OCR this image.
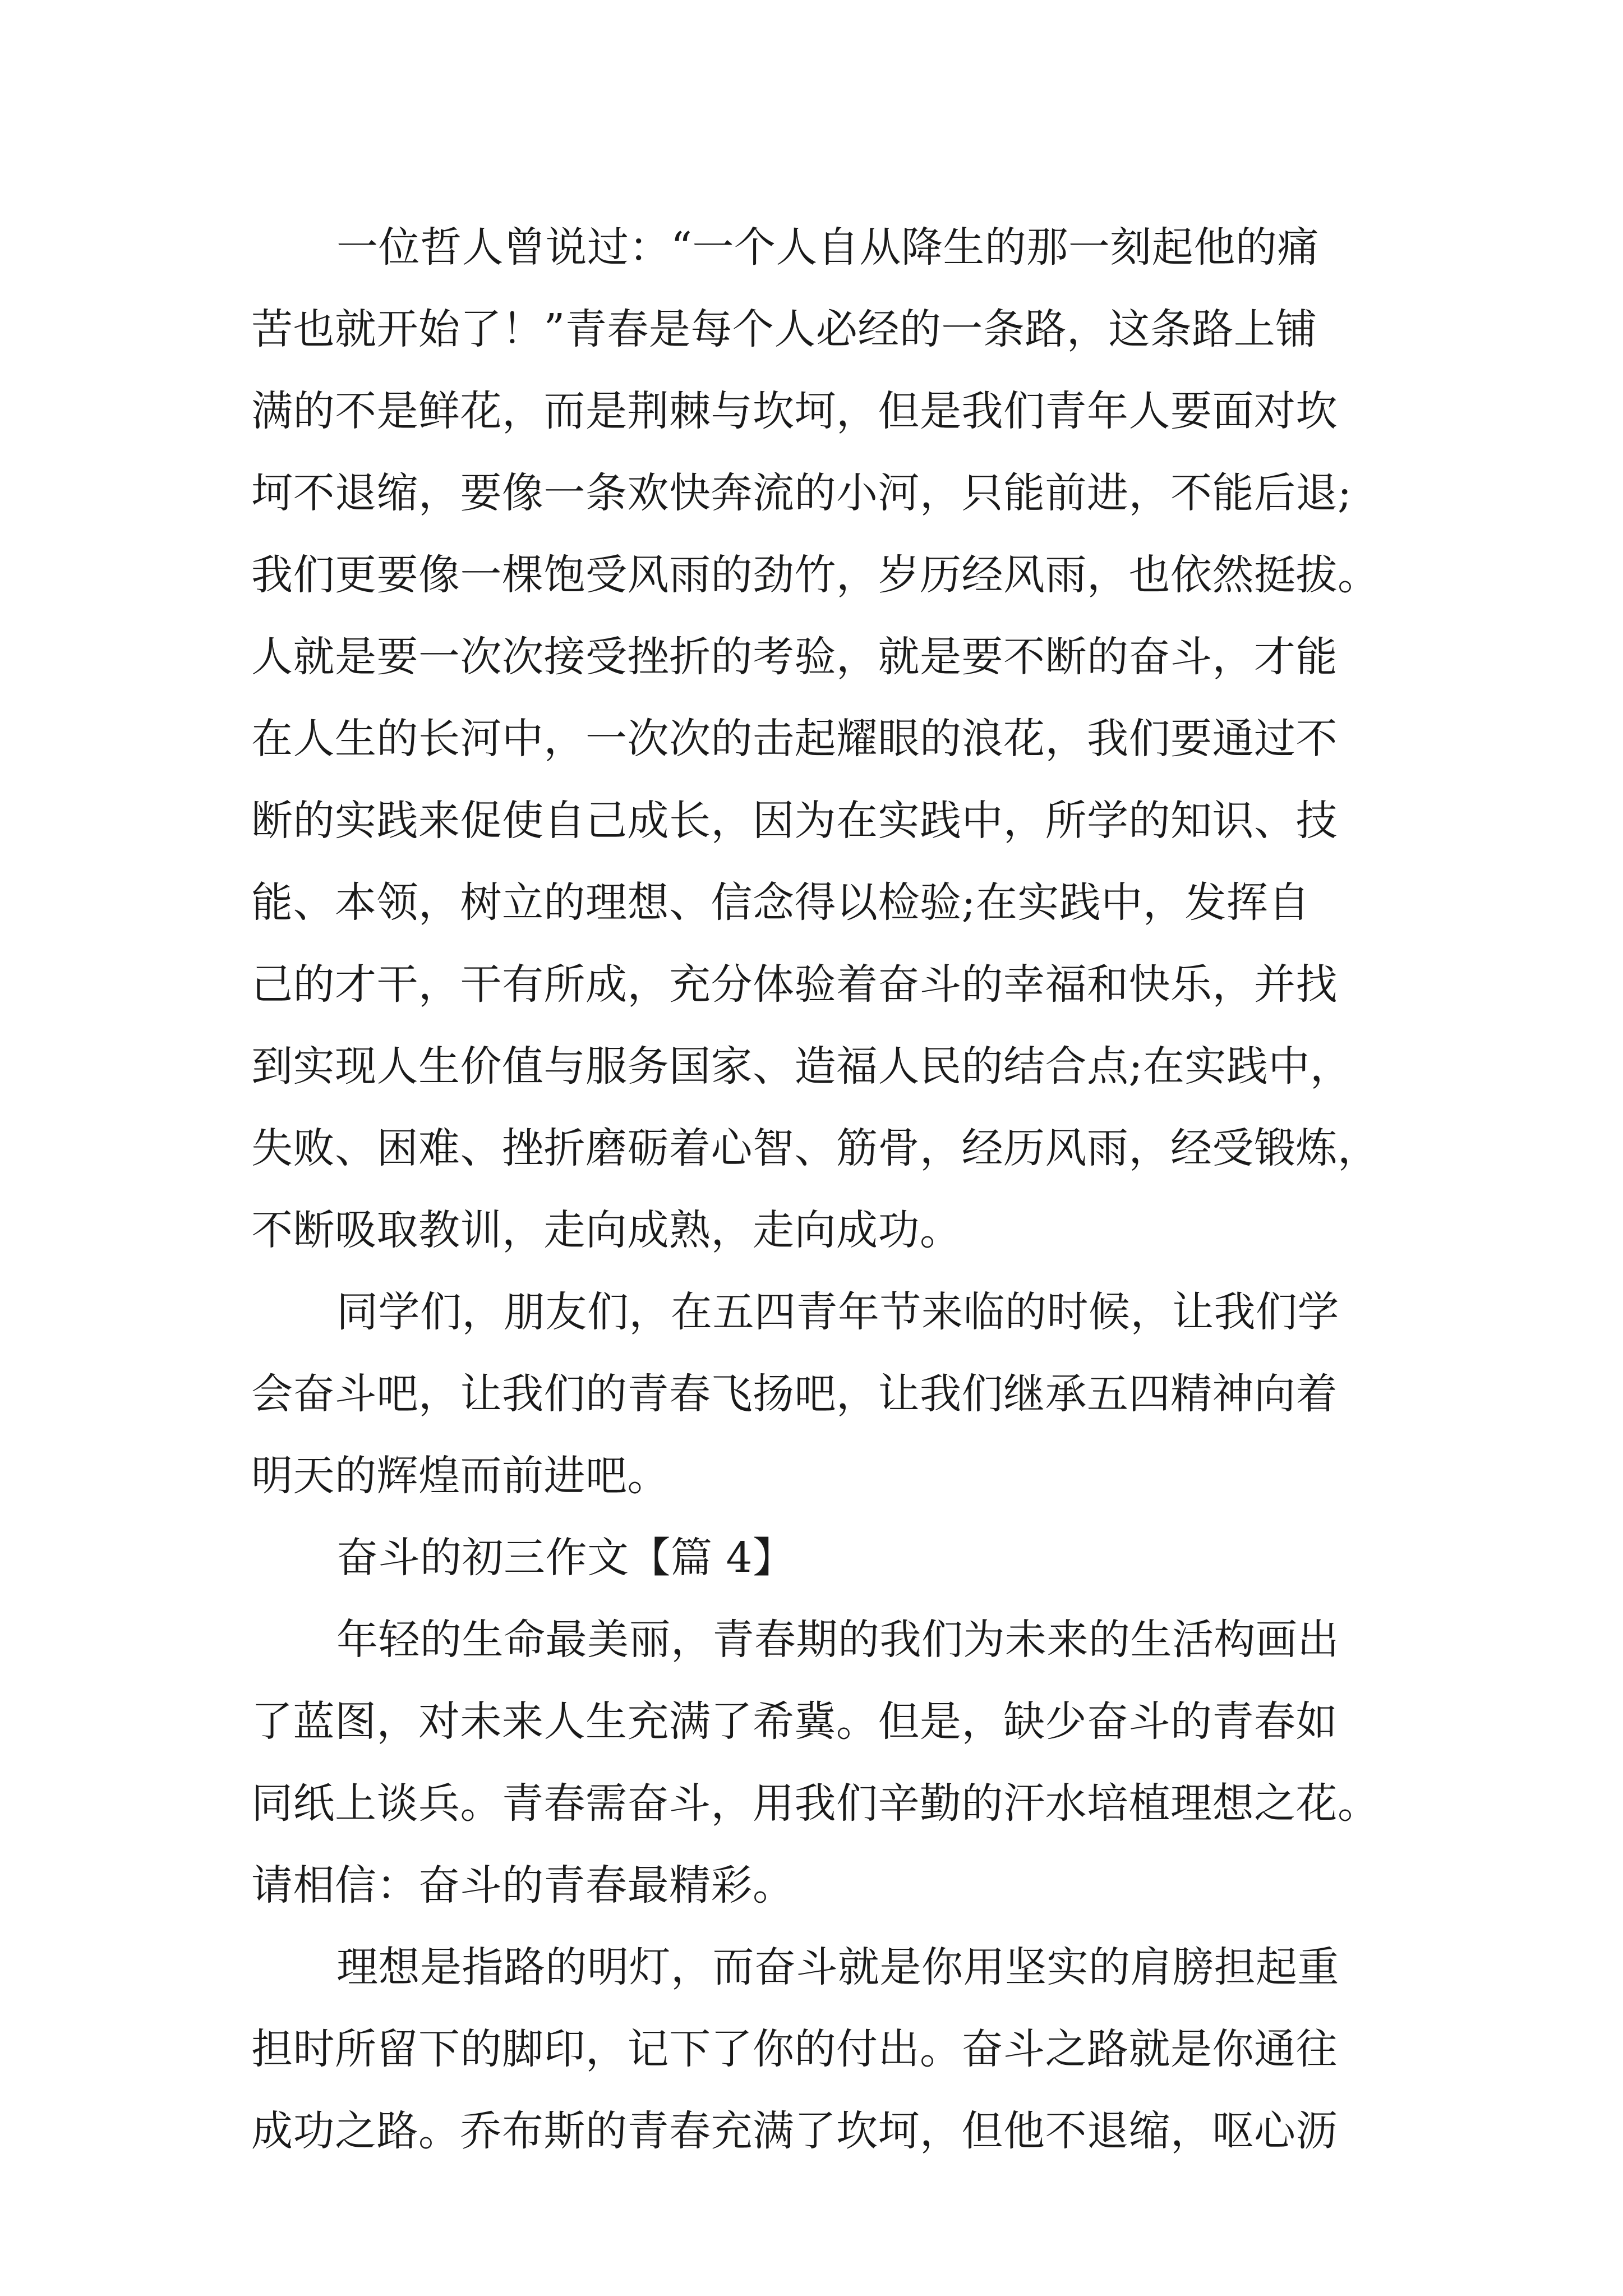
一位哲人曾说过：“一个人自从降生的那一刻起他的痛
苦也就开始了！”青春是每个人必经的一条路，这条路上铺
满的不是鲜花，而是荆棘与坎坷，但是我们青年人要面对坎
坷不退缩，要像一条欢快奔流的小河，只能前进，不能后退;
我们更要像一棵饱受风雨的劲竹，岁历经风雨，也依然挺拔。
人就是要一次次接受挫折的考验，就是要不断的奋斗，才能
在人生的长河中，一次次的击起耀眼的浪花，我们要通过不
断的实践来促使自己成长，因为在实践中，所学的知识、技
能、本领，树立的理想、信念得以检验;在实践中，发挥自
己的才干，干有所成，充分体验着奋斗的幸福和快乐，并找
到实现人生价值与服务国家、造福人民的结合点;在实践中，
失败、困难、挫折磨砺着心智、筋骨，经历风雨，经受锻炼，
不断吸取教训，走向成熟，走向成功。
同学们，朋友们，在五四青年节来临的时候，让我们学
会奋斗吧，让我们的青春飞扬吧，让我们继承五四精神向着
明天的辉煌而前进吧。
奋斗的初三作文【篇 4】
年轻的生命最美丽，青春期的我们为未来的生活构画出
了蓝图，对未来人生充满了希冀。但是，缺少奋斗的青春如
同纸上谈兵。青春需奋斗，用我们辛勤的汗水培植理想之花。
请相信：奋斗的青春最精彩。
理想是指路的明灯，而奋斗就是你用坚实的肩膀担起重
担时所留下的脚印，记下了你的付出。奋斗之路就是你通往
成功之路。乔布斯的青春充满了坎坷，但他不退缩，呕心沥
